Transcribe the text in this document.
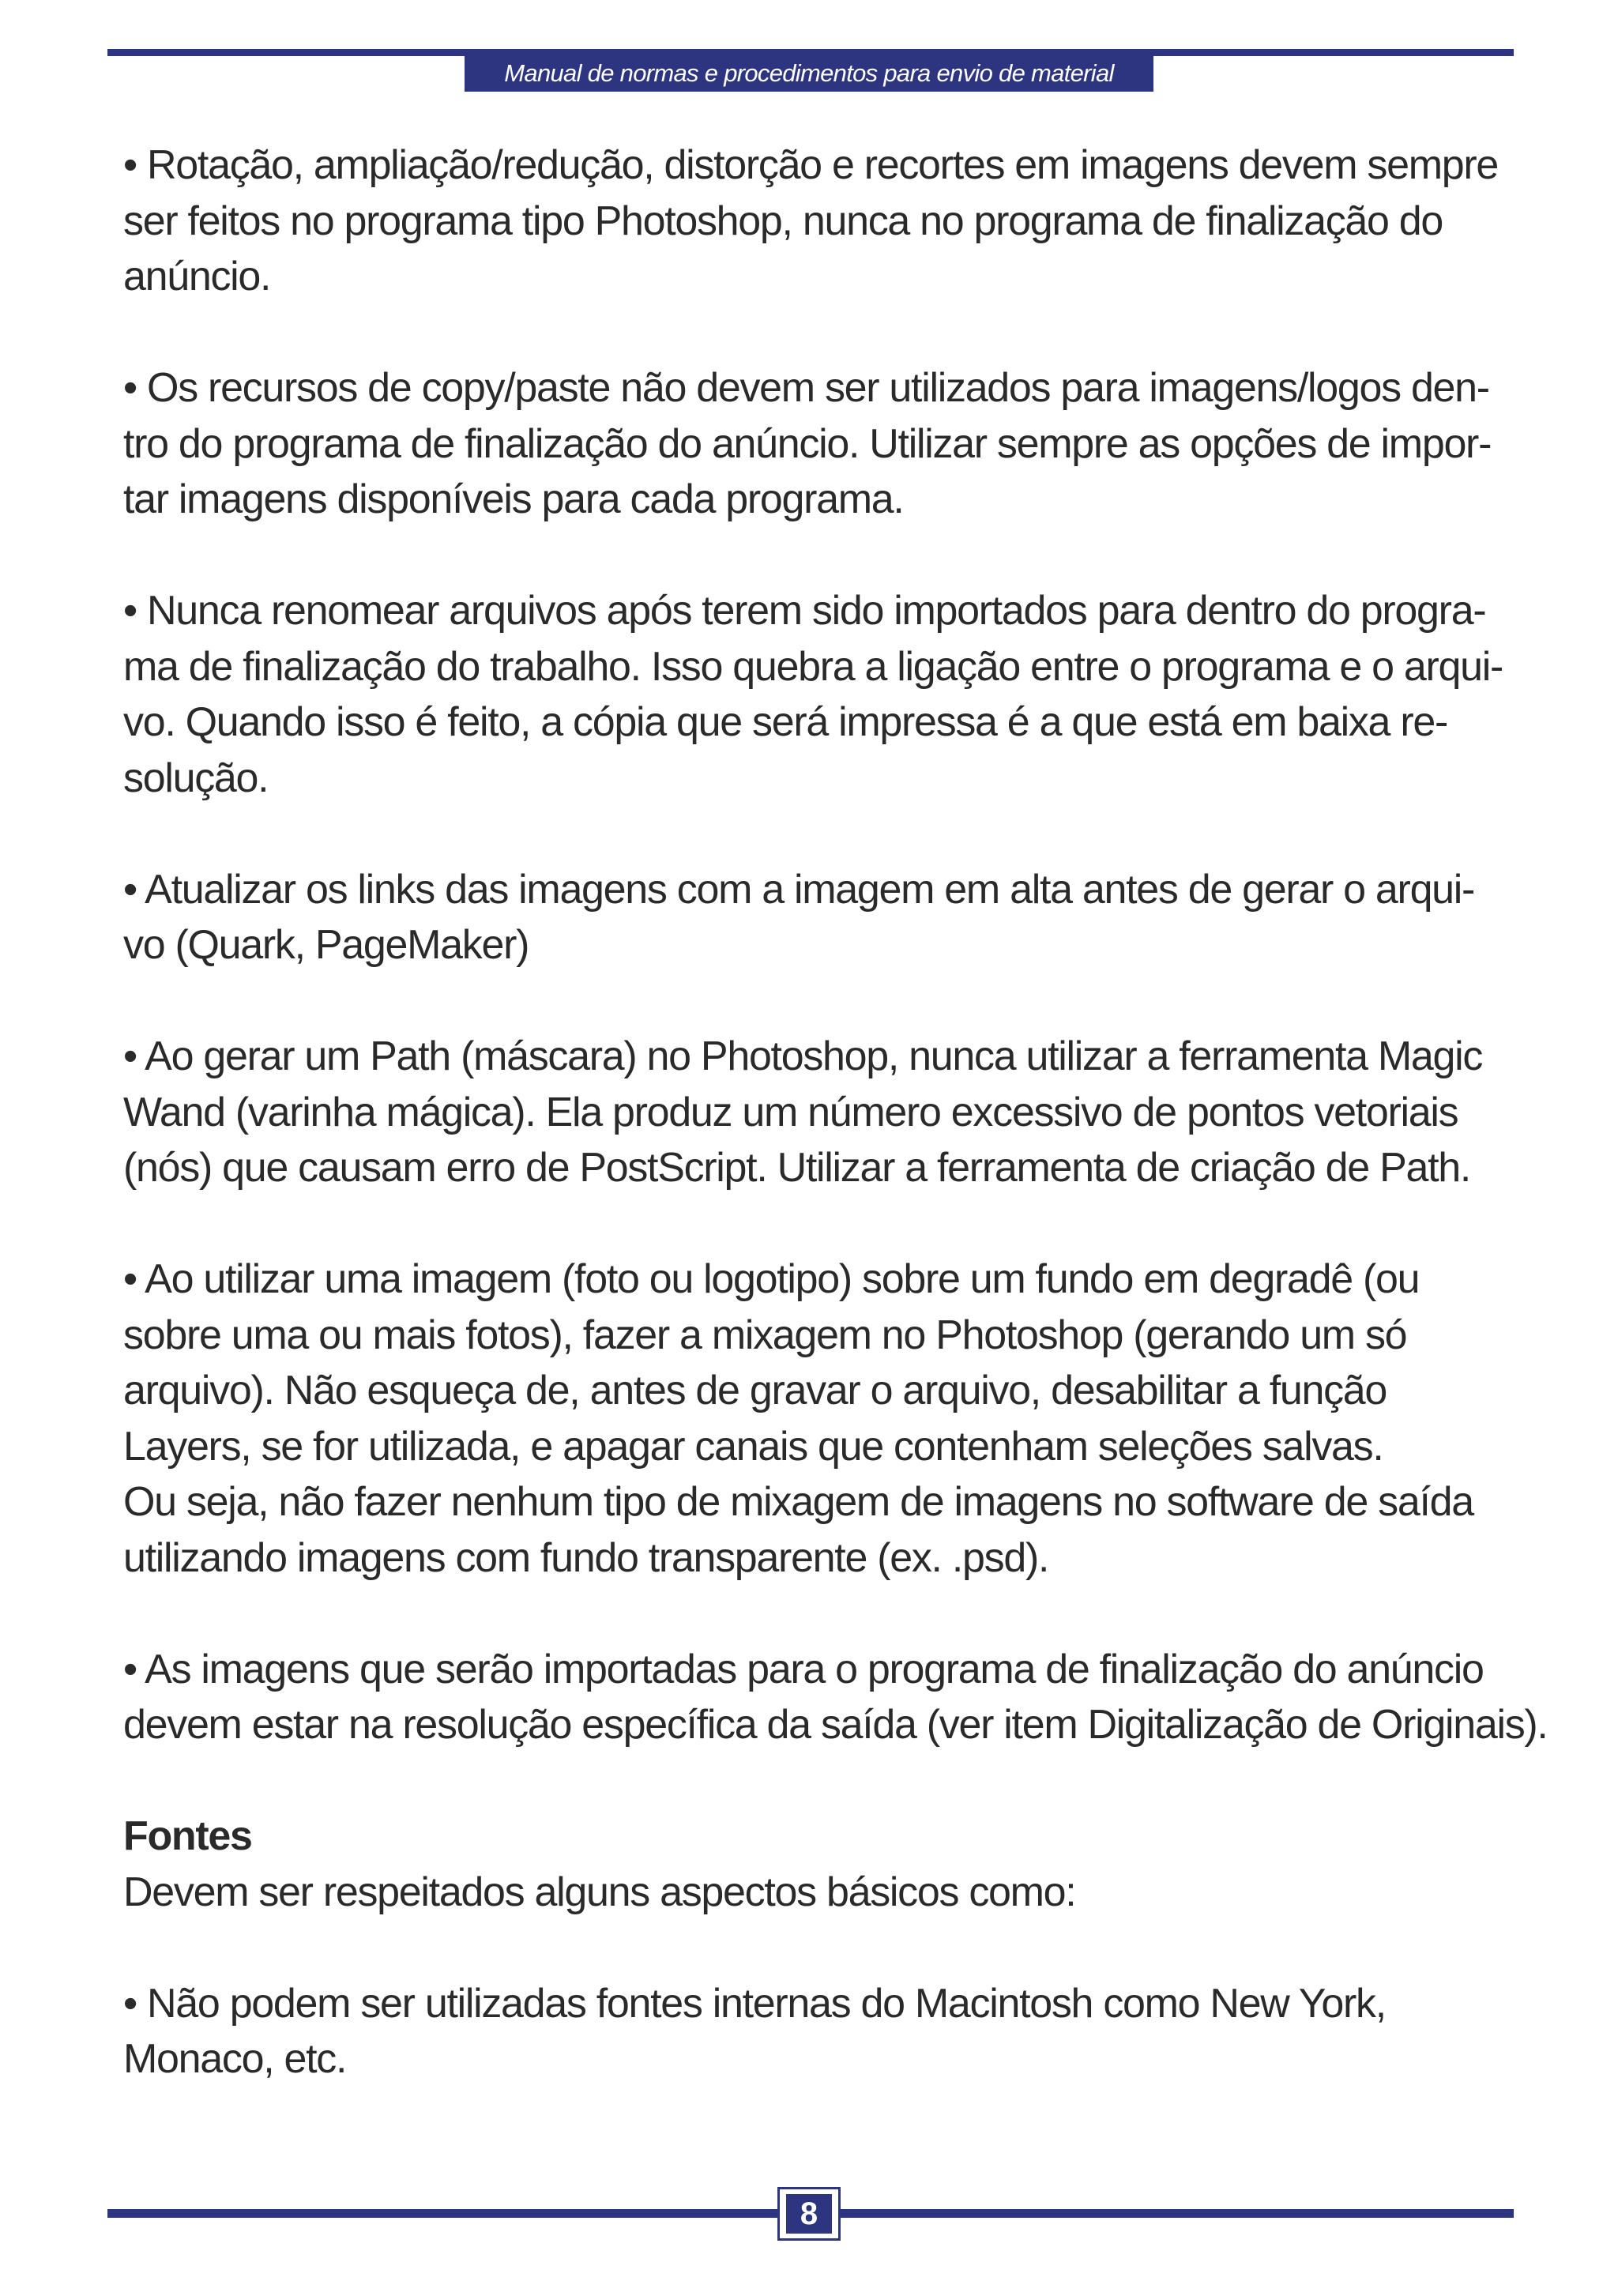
Manual de normas e procedimentos para envio de material

• Rotação, ampliação/redução, distorção e recortes em imagens devem sempre
ser feitos no programa tipo Photoshop, nunca no programa de finalização do
anúncio.

• Os recursos de copy/paste não devem ser utilizados para imagens/logos den-
tro do programa de finalização do anúncio. Utilizar sempre as opções de impor-
tar imagens disponíveis para cada programa.

• Nunca renomear arquivos após terem sido importados para dentro do progra-
ma de finalização do trabalho. Isso quebra a ligação entre o programa e o arqui-
vo. Quando isso é feito, a cópia que será impressa é a que está em baixa re-
solução.

• Atualizar os links das imagens com a imagem em alta antes de gerar o arqui-
vo (Quark, PageMaker)

• Ao gerar um Path (máscara) no Photoshop, nunca utilizar a ferramenta Magic
Wand (varinha mágica). Ela produz um número excessivo de pontos vetoriais
(nós) que causam erro de PostScript. Utilizar a ferramenta de criação de Path.

• Ao utilizar uma imagem (foto ou logotipo) sobre um fundo em degradê (ou
sobre uma ou mais fotos), fazer a mixagem no Photoshop (gerando um só
arquivo). Não esqueça de, antes de gravar o arquivo, desabilitar a função
Layers, se for utilizada, e apagar canais que contenham seleções salvas.
Ou seja, não fazer nenhum tipo de mixagem de imagens no software de saída
utilizando imagens com fundo transparente (ex. .psd).

• As imagens que serão importadas para o programa de finalização do anúncio
devem estar na resolução específica da saída (ver item Digitalização de Originais).

Fontes
Devem ser respeitados alguns aspectos básicos como:

• Não podem ser utilizadas fontes internas do Macintosh como New York,
Monaco, etc.

8
